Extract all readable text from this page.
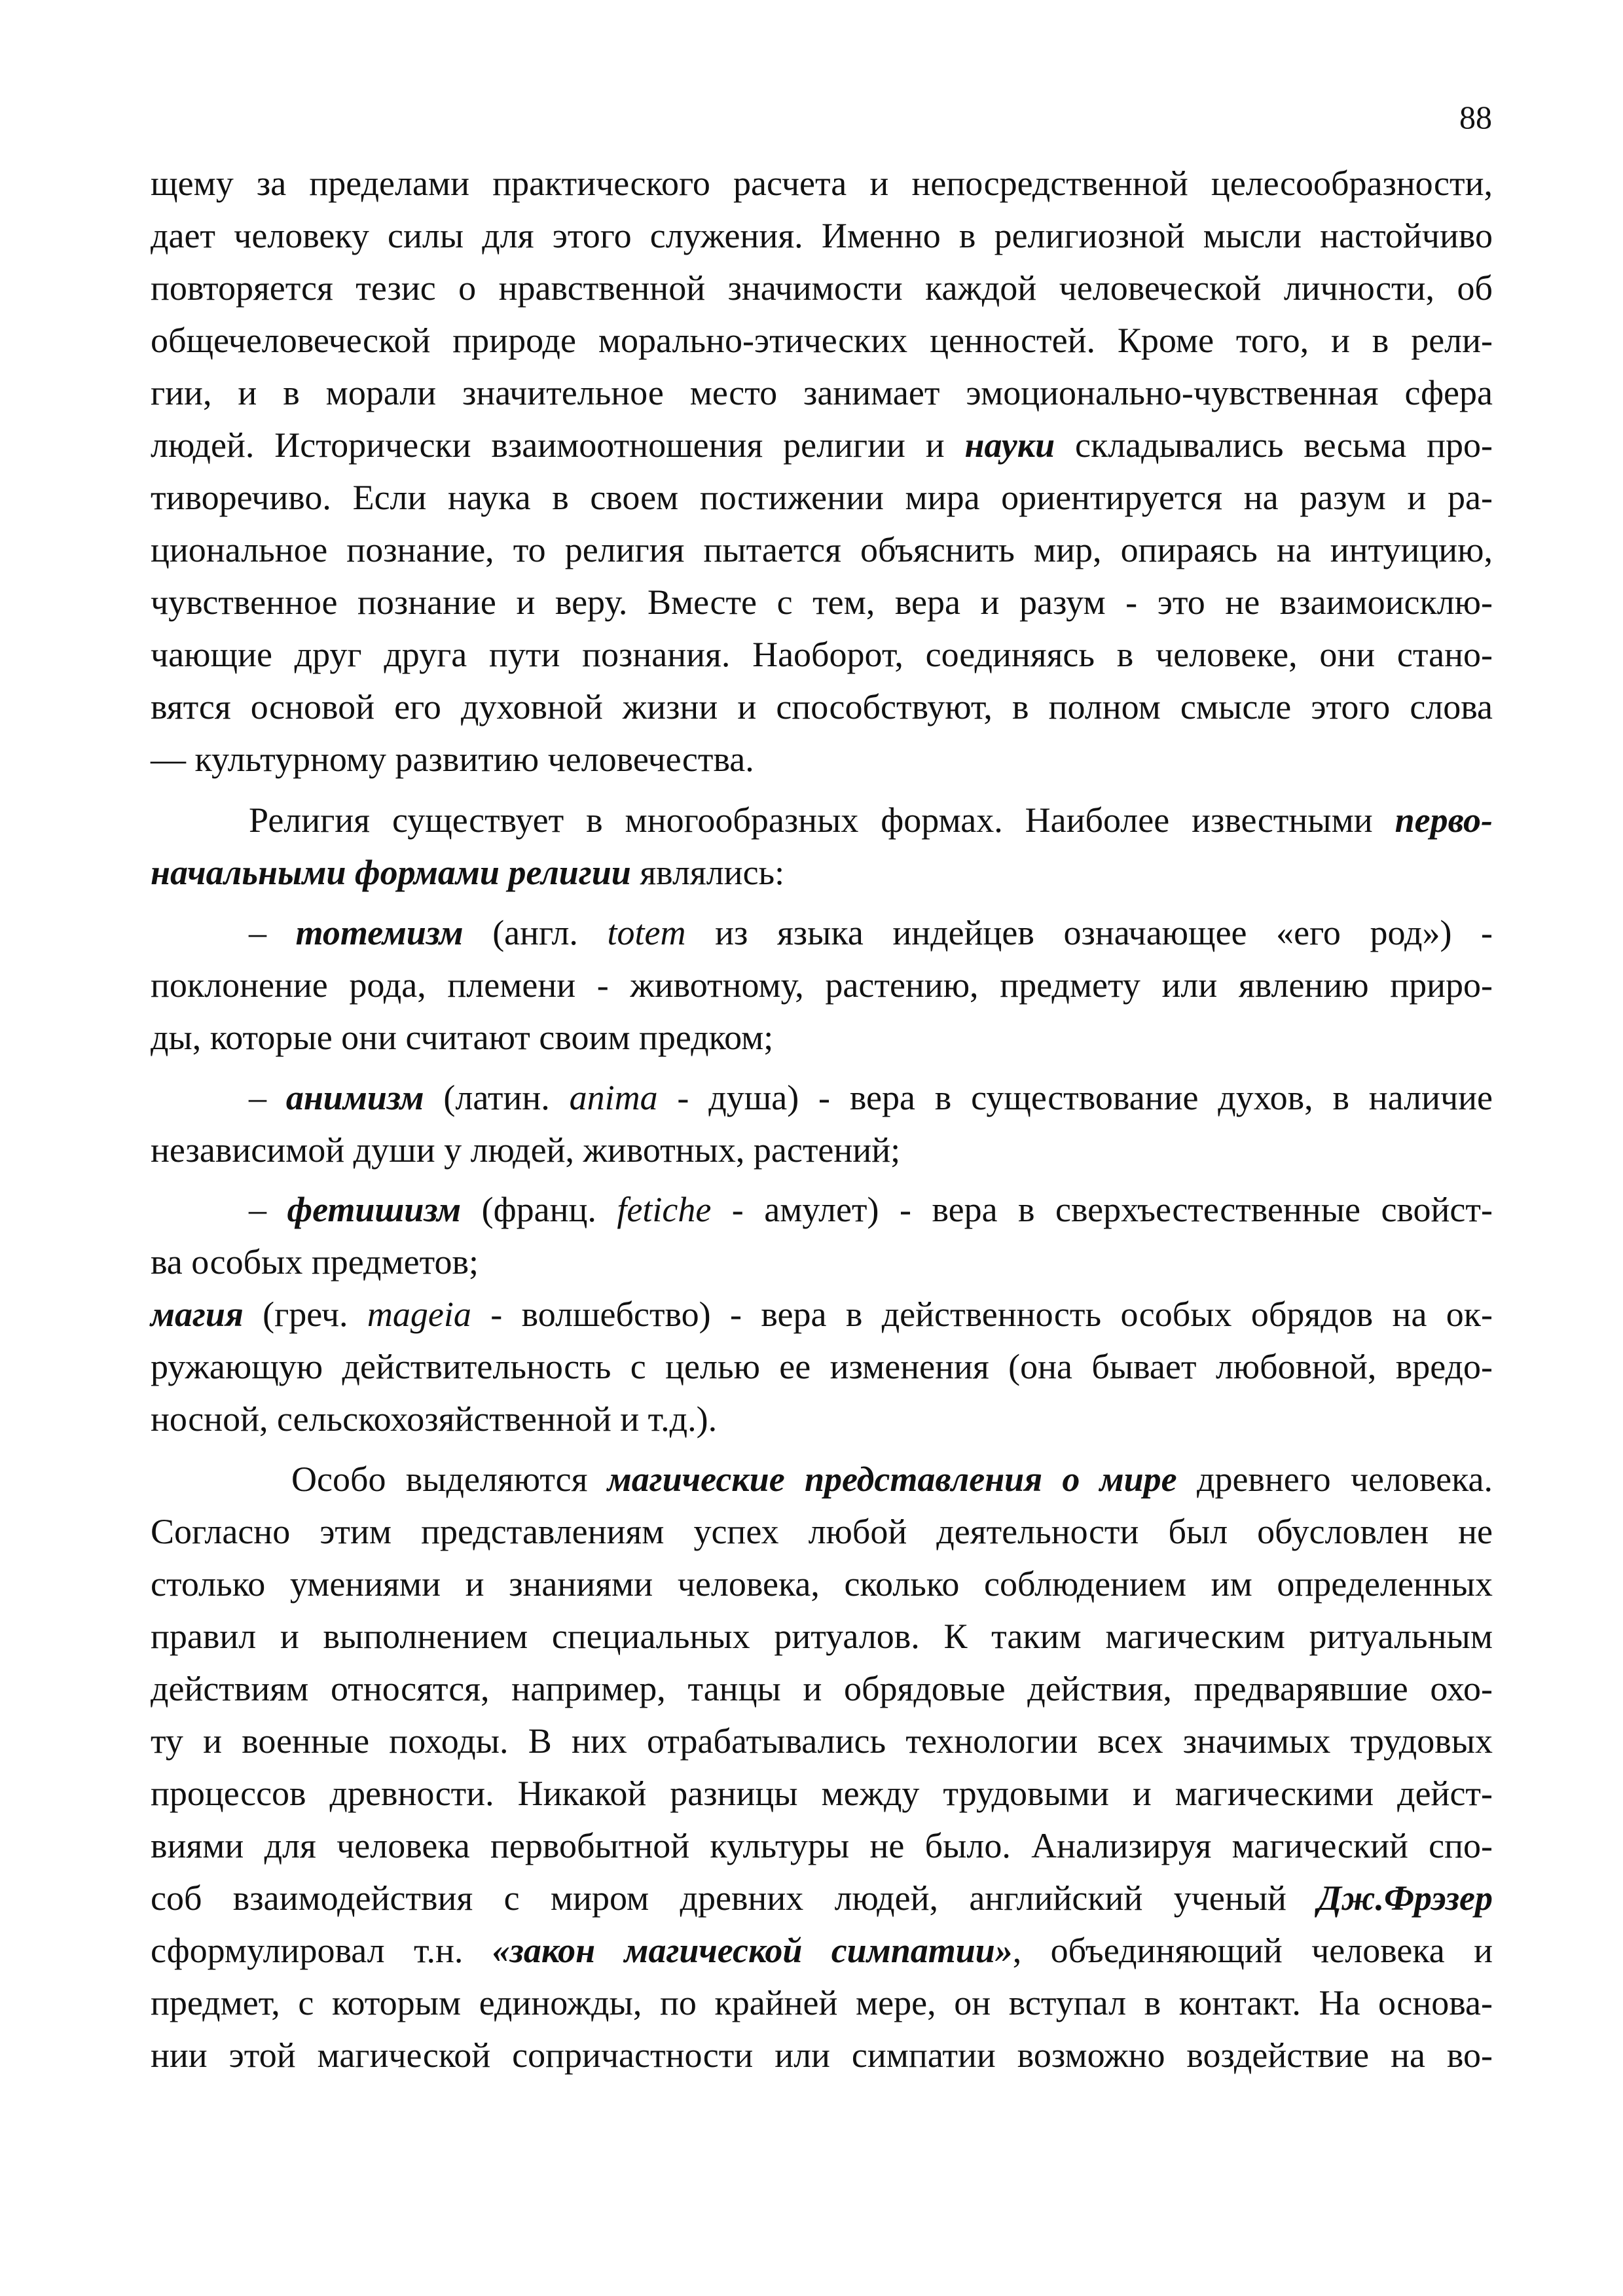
88
щему за пределами практического расчета и непосредственной целесообразности,
дает человеку силы для этого служения. Именно в религиозной мысли настойчиво
повторяется тезис о нравственной значимости каждой человеческой личности, об
общечеловеческой природе морально-этических ценностей. Кроме того, и в рели-
гии, и в морали значительное место занимает эмоционально-чувственная сфера
людей. Исторически взаимоотношения религии и науки складывались весьма про-
тиворечиво. Если наука в своем постижении мира ориентируется на разум и ра-
циональное познание, то религия пытается объяснить мир, опираясь на интуицию,
чувственное познание и веру. Вместе с тем, вера и разум - это не взаимоисклю-
чающие друг друга пути познания. Наоборот, соединяясь в человеке, они стано-
вятся основой его духовной жизни и способствуют, в полном смысле этого слова
— культурному развитию человечества.
Религия существует в многообразных формах. Наиболее известными перво-
начальными формами религии являлись:
– тотемизм (англ. totem из языка индейцев означающее «его род») -
поклонение рода, племени - животному, растению, предмету или явлению приро-
ды, которые они считают своим предком;
– анимизм (латин. anima - душа) - вера в существование духов, в наличие
независимой души у людей, животных, растений;
– фетишизм (франц. fetiche - амулет) - вера в сверхъестественные свойст-
ва особых предметов;
магия (греч. mageia - волшебство) - вера в действенность особых обрядов на ок-
ружающую действительность с целью ее изменения (она бывает любовной, вредо-
носной, сельскохозяйственной и т.д.).
Особо выделяются магические представления о мире древнего человека.
Согласно этим представлениям успех любой деятельности был обусловлен не
столько умениями и знаниями человека, сколько соблюдением им определенных
правил и выполнением специальных ритуалов. К таким магическим ритуальным
действиям относятся, например, танцы и обрядовые действия, предварявшие охо-
ту и военные походы. В них отрабатывались технологии всех значимых трудовых
процессов древности. Никакой разницы между трудовыми и магическими дейст-
виями для человека первобытной культуры не было. Анализируя магический спо-
соб взаимодействия с миром древних людей, английский ученый Дж.Фрэзер
сформулировал т.н. «закон магической симпатии», объединяющий человека и
предмет, с которым единожды, по крайней мере, он вступал в контакт. На основа-
нии этой магической сопричастности или симпатии возможно воздействие на во-
